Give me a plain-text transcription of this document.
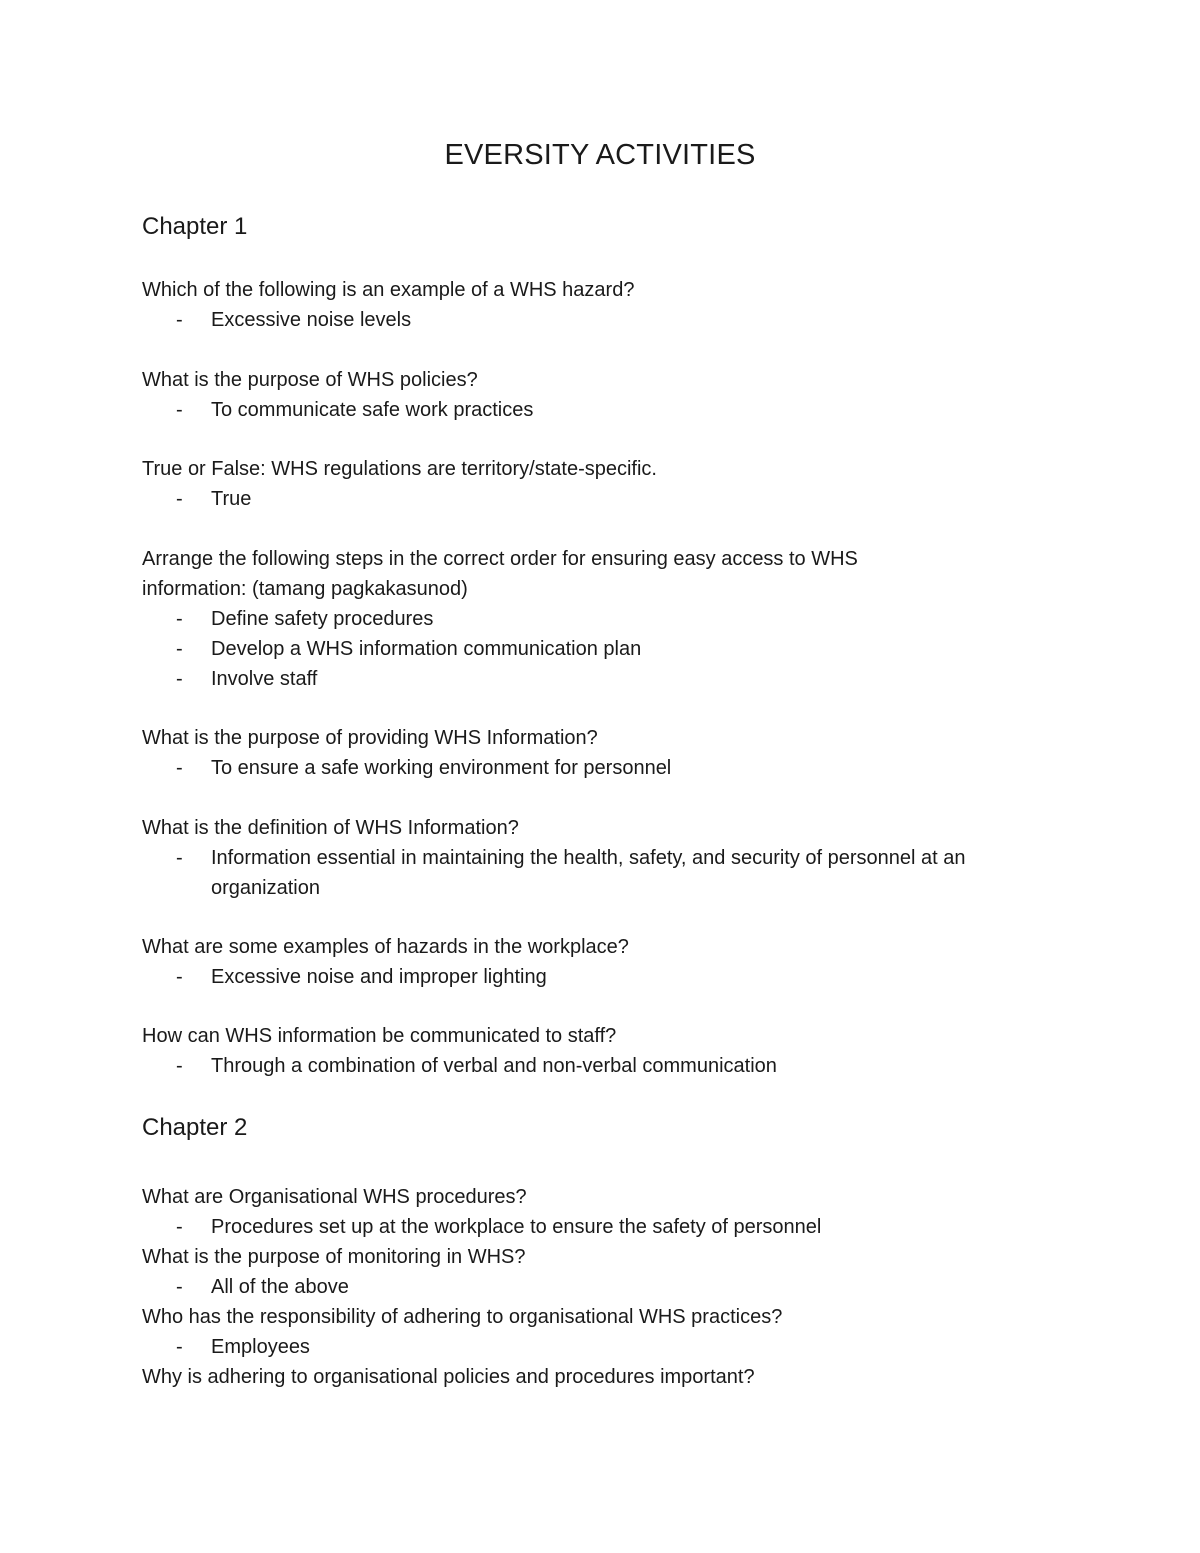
EVERSITY ACTIVITIES
Chapter 1
Which of the following is an example of a WHS hazard?
-	Excessive noise levels
What is the purpose of WHS policies?
-	To communicate safe work practices
True or False: WHS regulations are territory/state-specific.
-	True
Arrange the following steps in the correct order for ensuring easy access to WHS
information: (tamang pagkakasunod)
-	Define safety procedures
-	Develop a WHS information communication plan
-	Involve staff
What is the purpose of providing WHS Information?
-	To ensure a safe working environment for personnel
What is the definition of WHS Information?
-	Information essential in maintaining the health, safety, and security of personnel at an organization
What are some examples of hazards in the workplace?
-	Excessive noise and improper lighting
How can WHS information be communicated to staff?
-	Through a combination of verbal and non-verbal communication
Chapter 2
What are Organisational WHS procedures?
-	Procedures set up at the workplace to ensure the safety of personnel
What is the purpose of monitoring in WHS?
-	All of the above
Who has the responsibility of adhering to organisational WHS practices?
-	Employees
Why is adhering to organisational policies and procedures important?
